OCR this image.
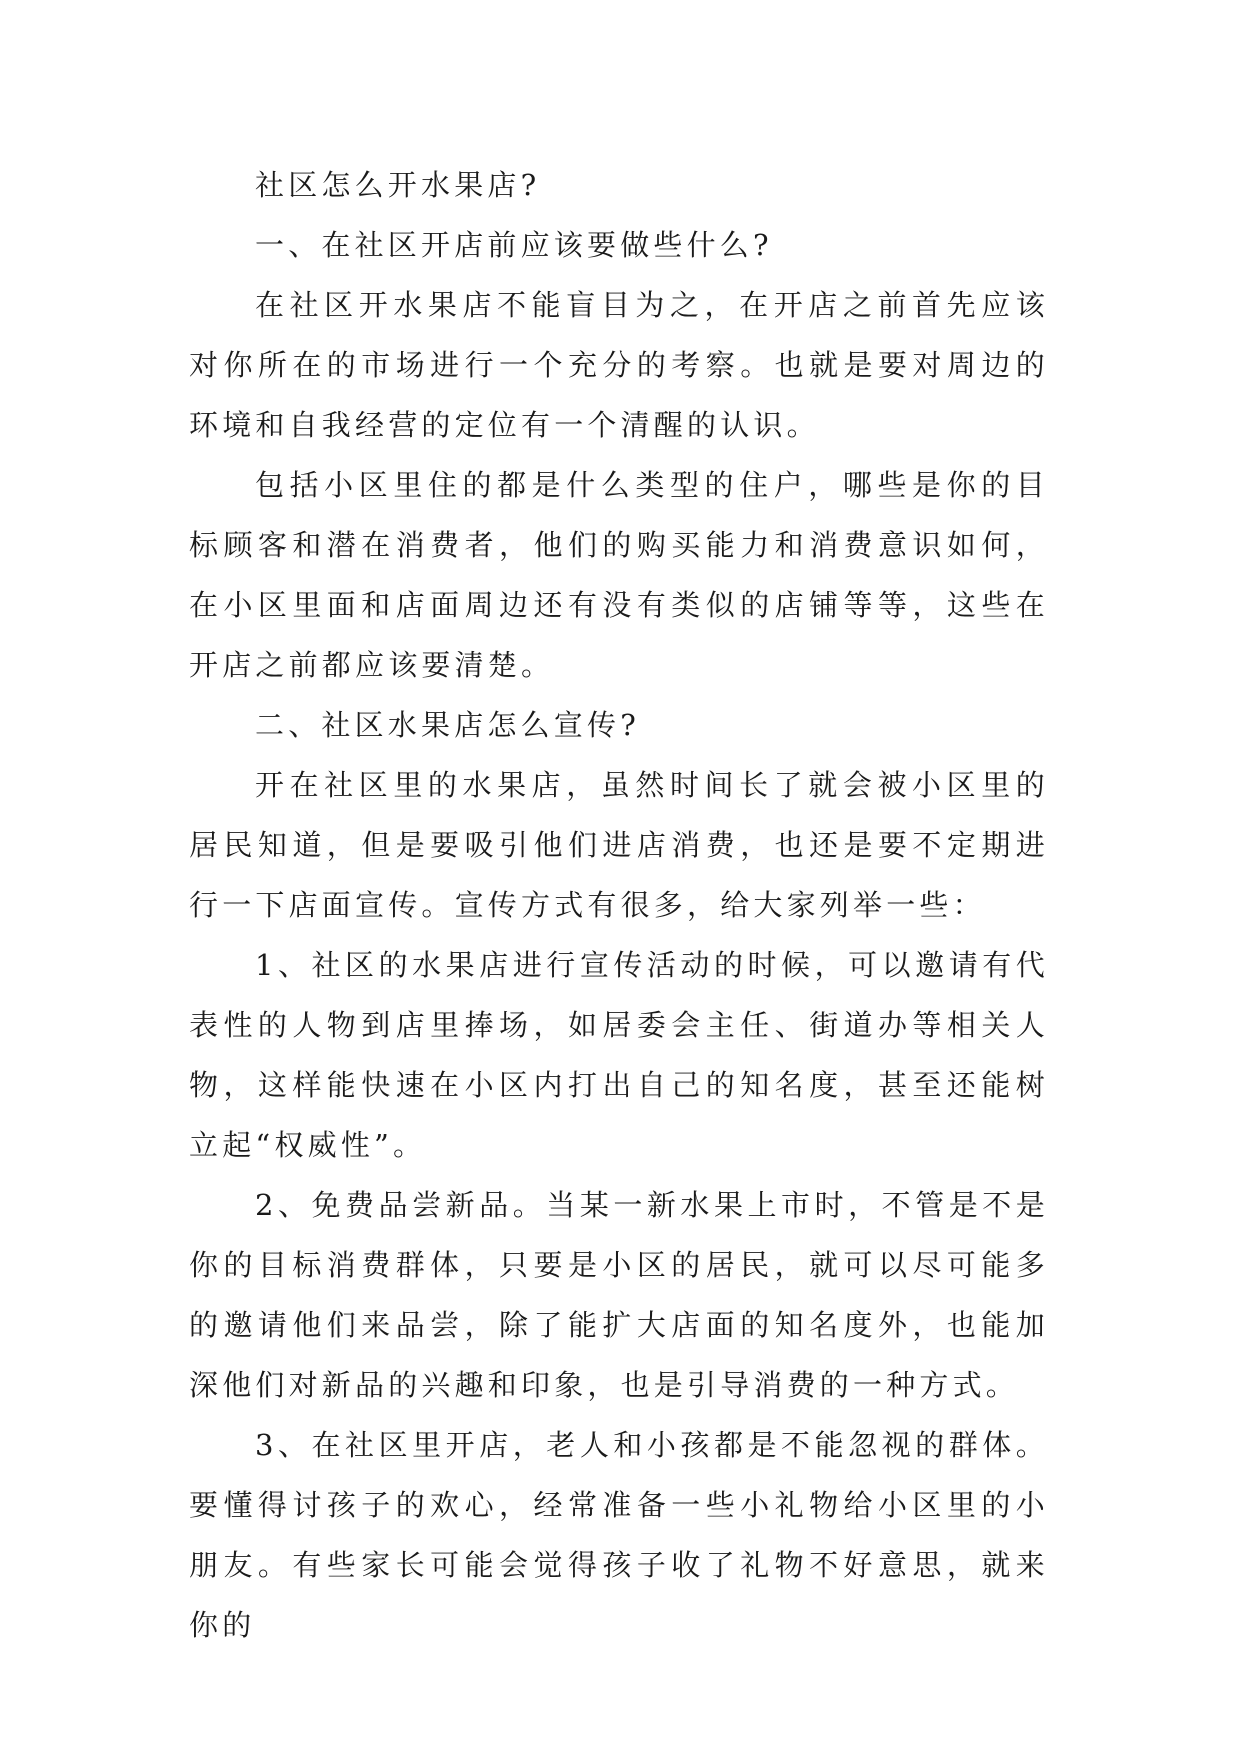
社区怎么开水果店?

一、在社区开店前应该要做些什么?

在社区开水果店不能盲目为之，在开店之前首先应该对你所在的市场进行一个充分的考察。也就是要对周边的环境和自我经营的定位有一个清醒的认识。

包括小区里住的都是什么类型的住户，哪些是你的目标顾客和潜在消费者，他们的购买能力和消费意识如何，在小区里面和店面周边还有没有类似的店铺等等，这些在开店之前都应该要清楚。

二、社区水果店怎么宣传?

开在社区里的水果店，虽然时间长了就会被小区里的居民知道，但是要吸引他们进店消费，也还是要不定期进行一下店面宣传。宣传方式有很多，给大家列举一些：

1、社区的水果店进行宣传活动的时候，可以邀请有代表性的人物到店里捧场，如居委会主任、街道办等相关人物，这样能快速在小区内打出自己的知名度，甚至还能树立起“权威性”。

2、免费品尝新品。当某一新水果上市时，不管是不是你的目标消费群体，只要是小区的居民，就可以尽可能多的邀请他们来品尝，除了能扩大店面的知名度外，也能加深他们对新品的兴趣和印象，也是引导消费的一种方式。

3、在社区里开店，老人和小孩都是不能忽视的群体。要懂得讨孩子的欢心，经常准备一些小礼物给小区里的小朋友。有些家长可能会觉得孩子收了礼物不好意思，就来你的
